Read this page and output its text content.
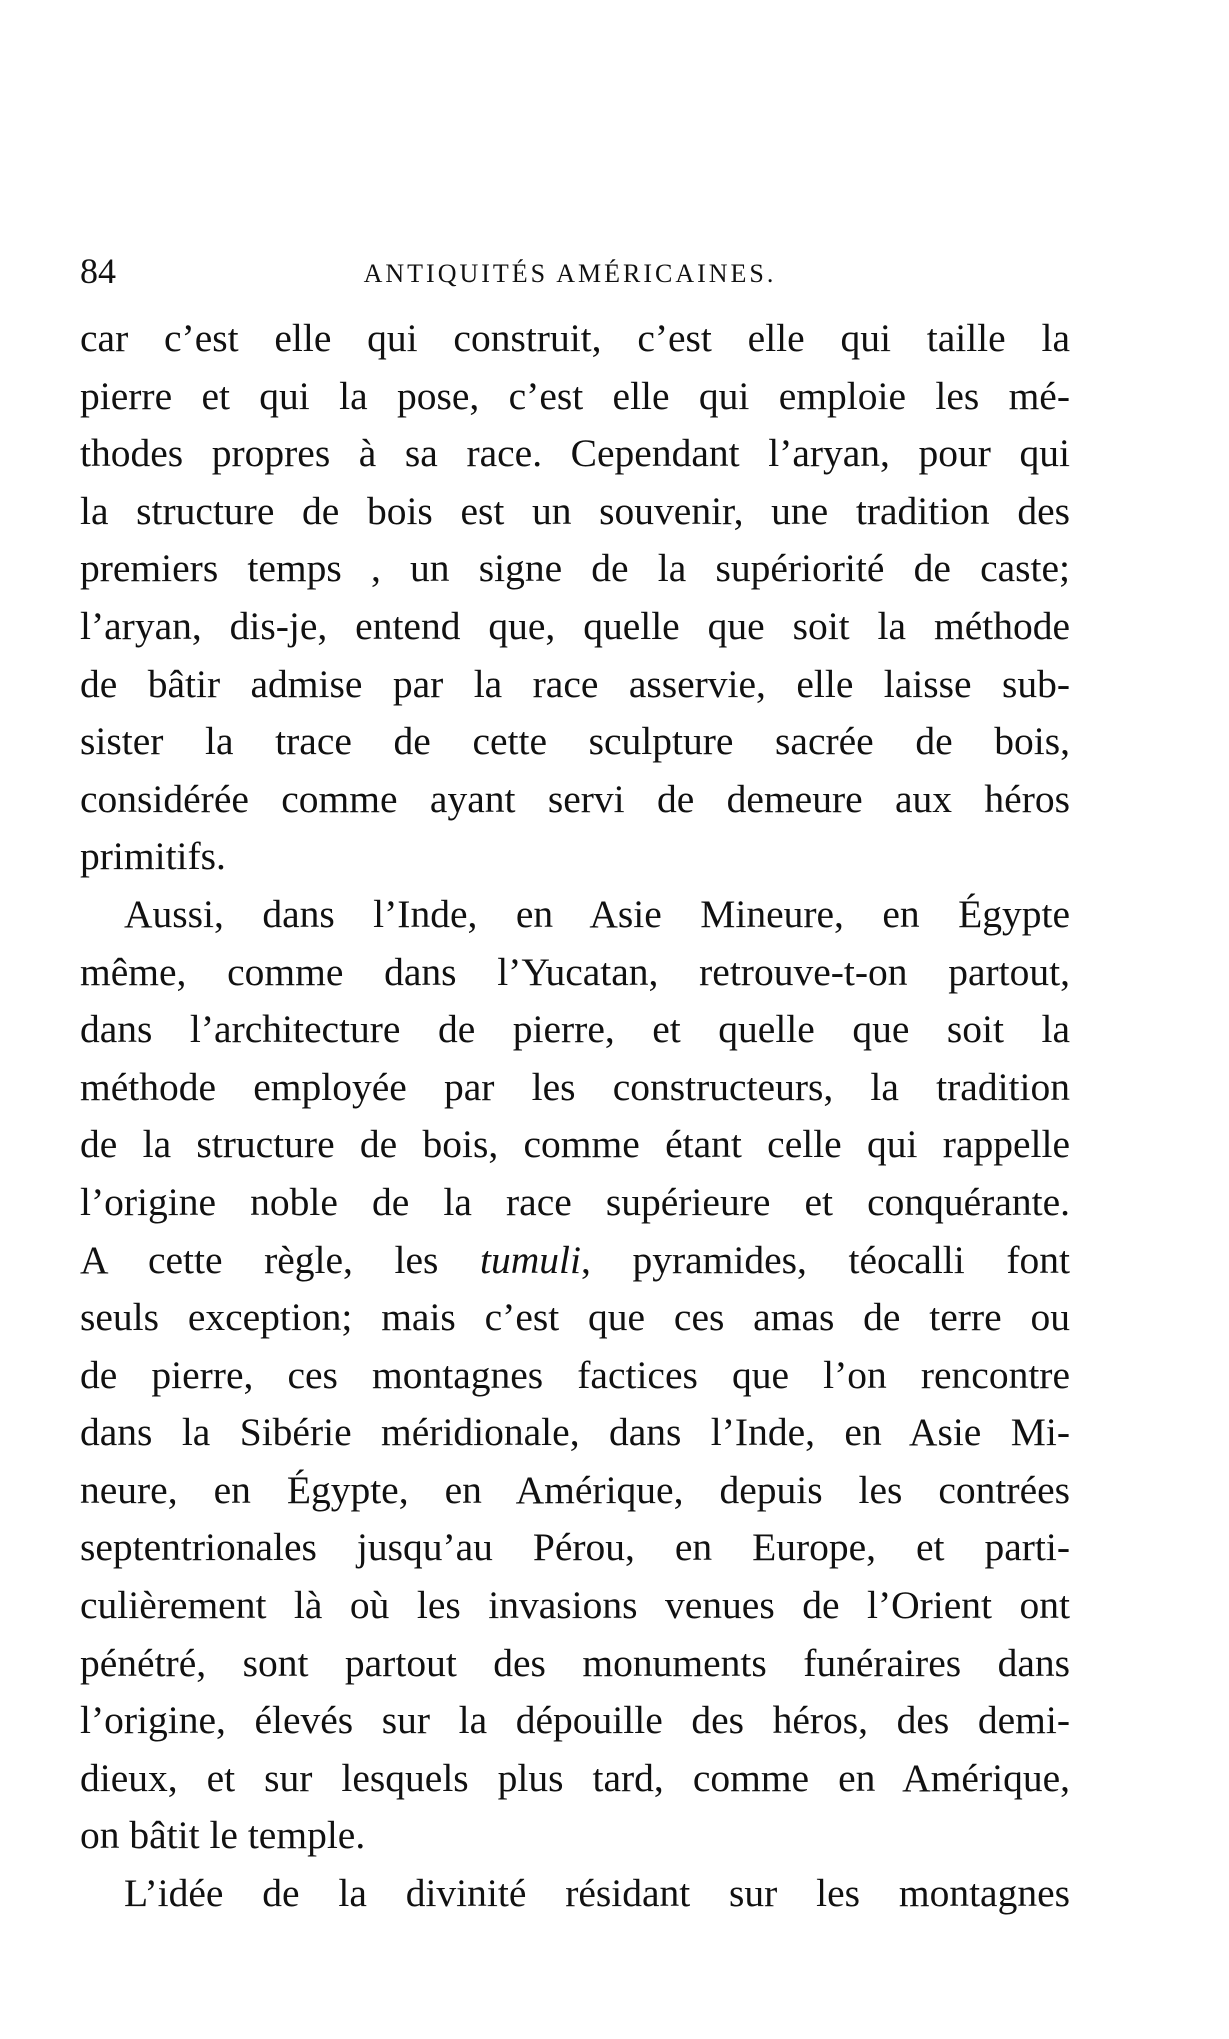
84	ANTIQUITÉS AMÉRICAINES.
car c’est elle qui construit, c’est elle qui taille la
pierre et qui la pose, c’est elle qui emploie les mé-
thodes propres à sa race. Cependant l’aryan, pour qui
la structure de bois est un souvenir, une tradition des
premiers temps , un signe de la supériorité de caste;
l’aryan, dis-je, entend que, quelle que soit la méthode
de bâtir admise par la race asservie, elle laisse sub-
sister la trace de cette sculpture sacrée de bois,
considérée comme ayant servi de demeure aux héros
primitifs.
Aussi, dans l’Inde, en Asie Mineure, en Égypte
même, comme dans l’Yucatan, retrouve-t-on partout,
dans l’architecture de pierre, et quelle que soit la
méthode employée par les constructeurs, la tradition
de la structure de bois, comme étant celle qui rappelle
l’origine noble de la race supérieure et conquérante.
A cette règle, les tumuli, pyramides, téocalli font
seuls exception; mais c’est que ces amas de terre ou
de pierre, ces montagnes factices que l’on rencontre
dans la Sibérie méridionale, dans l’Inde, en Asie Mi-
neure, en Égypte, en Amérique, depuis les contrées
septentrionales jusqu’au Pérou, en Europe, et parti-
culièrement là où les invasions venues de l’Orient ont
pénétré, sont partout des monuments funéraires dans
l’origine, élevés sur la dépouille des héros, des demi-
dieux, et sur lesquels plus tard, comme en Amérique,
on bâtit le temple.
L’idée de la divinité résidant sur les montagnes
